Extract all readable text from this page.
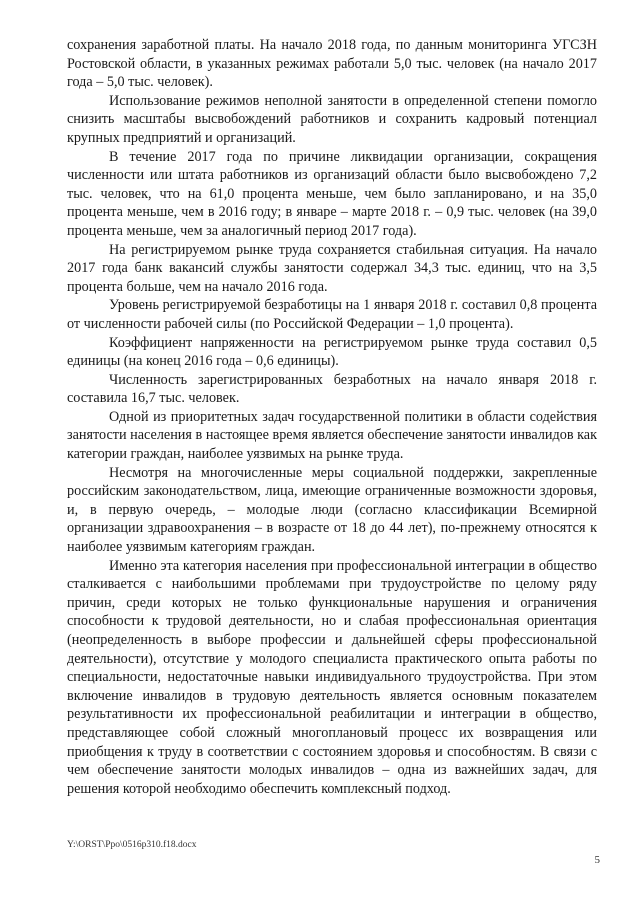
сохранения заработной платы. На начало 2018 года, по данным мониторинга УГСЗН Ростовской области, в указанных режимах работали 5,0 тыс. человек (на начало 2017 года – 5,0 тыс. человек).

Использование режимов неполной занятости в определенной степени помогло снизить масштабы высвобождений работников и сохранить кадровый потенциал крупных предприятий и организаций.

В течение 2017 года по причине ликвидации организации, сокращения численности или штата работников из организаций области было высвобождено 7,2 тыс. человек, что на 61,0 процента меньше, чем было запланировано, и на 35,0 процента меньше, чем в 2016 году; в январе – марте 2018 г. – 0,9 тыс. человек (на 39,0 процента меньше, чем за аналогичный период 2017 года).

На регистрируемом рынке труда сохраняется стабильная ситуация. На начало 2017 года банк вакансий службы занятости содержал 34,3 тыс. единиц, что на 3,5 процента больше, чем на начало 2016 года.

Уровень регистрируемой безработицы на 1 января 2018 г. составил 0,8 процента от численности рабочей силы (по Российской Федерации – 1,0 процента).

Коэффициент напряженности на регистрируемом рынке труда составил 0,5 единицы (на конец 2016 года – 0,6 единицы).

Численность зарегистрированных безработных на начало января 2018 г. составила 16,7 тыс. человек.

Одной из приоритетных задач государственной политики в области содействия занятости населения в настоящее время является обеспечение занятости инвалидов как категории граждан, наиболее уязвимых на рынке труда.

Несмотря на многочисленные меры социальной поддержки, закрепленные российским законодательством, лица, имеющие ограниченные возможности здоровья, и, в первую очередь, – молодые люди (согласно классификации Всемирной организации здравоохранения – в возрасте от 18 до 44 лет), по-прежнему относятся к наиболее уязвимым категориям граждан.

Именно эта категория населения при профессиональной интеграции в общество сталкивается с наибольшими проблемами при трудоустройстве по целому ряду причин, среди которых не только функциональные нарушения и ограничения способности к трудовой деятельности, но и слабая профессиональная ориентация (неопределенность в выборе профессии и дальнейшей сферы профессиональной деятельности), отсутствие у молодого специалиста практического опыта работы по специальности, недостаточные навыки индивидуального трудоустройства. При этом включение инвалидов в трудовую деятельность является основным показателем результативности их профессиональной реабилитации и интеграции в общество, представляющее собой сложный многоплановый процесс их возвращения или приобщения к труду в соответствии с состоянием здоровья и способностям. В связи с чем обеспечение занятости молодых инвалидов – одна из важнейших задач, для решения которой необходимо обеспечить комплексный подход.

Y:\ORST\Ppo\0516p310.f18.docx
5
